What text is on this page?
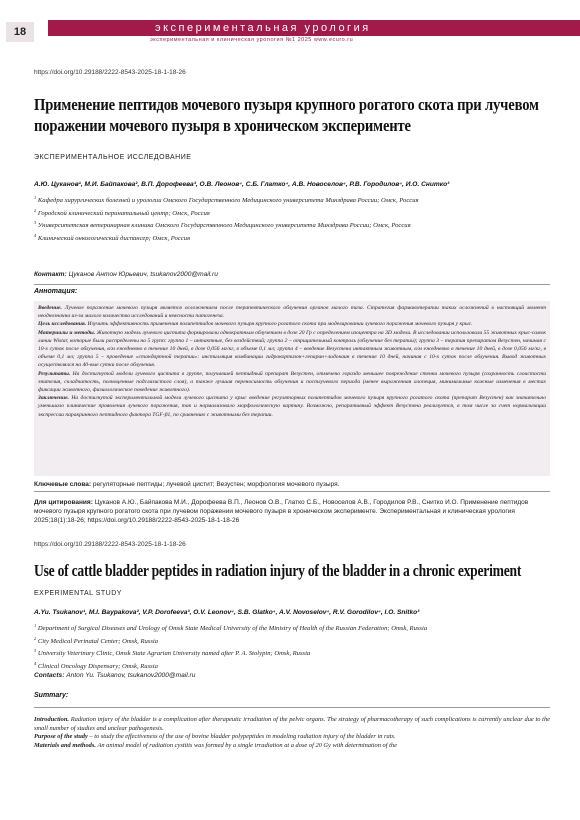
18	экспериментальная урология
экспериментальная и клиническая урология №1 2025 www.ecuro.ru
https://doi.org/10.29188/2222-8543-2025-18-1-18-26
Применение пептидов мочевого пузыря крупного рогатого скота при лучевом поражении мочевого пузыря в хроническом эксперименте
ЭКСПЕРИМЕНТАЛЬНОЕ ИССЛЕДОВАНИЕ
А.Ю. Цуканов¹, М.И. Байпакова², В.П. Дорофеева³, О.В. Леонов⁴, С.Б. Глатко⁴, А.В. Новоселов⁴, Р.В. Городилов⁴, И.О. Снитко³
$^1$ Кафедра хирургических болезней и урологии Омского Государственного Медицинского университета Минздрава России; Омск, Россия
$^2$ Городской клинический перинатальный центр; Омск, Россия
$^3$ Университетская ветеринарная клиника Омского Государственного Медицинского университета Минздрава России; Омск, Россия
$^4$ Клинический онкологический диспансер; Омск, Россия
Контакт: Цуканов Антон Юрьевич, tsukanov2000@mail.ru
Аннотация:
Введение. Лучевое поражение мочевого пузыря является осложнением после терапевтического облучения органов малого таза. Стратегия фармакотерапии таких осложнений в настоящий момент неоднозначна из-за малого количества исследований и неясности патогенеза.
Цель исследования. Изучить эффективность применения полипептидов мочевого пузыря крупного рогатого скота при моделировании лучевого поражения мочевого пузыря у крыс.
Материалы и методы. Животную модель лучевого цистита формировали однократным облучением в дозе 20 Гр с определением изоцентра на 3D модели. В исследовании использовали 55 животных крыс-самок линии Wistar, которые были распределены на 5 групп: группа 1 – интактные, без воздействий; группа 2 – отрицательный контроль (облучение без терапии); группа 3 – терапия препаратом Везустен, начиная с 10-х суток после облучения, в/м ежедневно в течение 10 дней, в дозе 0,056 мг/кг, в объеме 0,1 мл; группа 4 – введение Везустена интактным животным, в/м ежедневно в течение 10 дней, в дозе 0,056 мг/кг, в объеме 0,1 мл; группа 5 – проведение «стандартной терапии»: инстилляция комбинации гидрокортизон+гепарин+лидокаин в течение 10 дней, начиная с 10-х суток после облучения. Вывод животных осуществлялся на 40-вые сутки после облучения.
Результаты. На достигнутой модели лучевого цистита в группе, получавшей пептидный препарат Везустен, отмечено гораздо меньшее повреждение стенки мочевого пузыря (сохранность слоистости эпителия, складчатость, полноценные подслизистого слоя), а также лучшая переносимость облучения и постлучевого периода (менее выраженная алопеция, минимальные кожные изменения в местах фиксации животного, физиологическое поведение животного).
Заключение. На достигнутой экспериментальной модели лучевого цистита у крыс введение регуляторных полипептидов мочевого пузыря крупного рогатого скота (препарат Везустен) как значительно уменьшало клинические проявления лучевого поражения, так и нормализовало морфологическую картину. Возможно, репаративный эффект Везустена реализуется, в том числе за счет нормализации экспрессии паракринного пептидного фактора TGF-β1, по сравнению с животными без терапии.
Ключевые слова: регуляторные пептиды; лучевой цистит; Везустен; морфология мочевого пузыря.
Для цитирования: Цуканов А.Ю., Байпакова М.И., Дорофеева В.П., Леонов О.В., Глатко С.Б., Новоселов А.В., Городилов Р.В., Снитко И.О. Применение пептидов мочевого пузыря крупного рогатого скота при лучевом поражении мочевого пузыря в хроническом эксперименте. Экспериментальная и клиническая урология 2025;18(1):18-26; https://doi.org/10.29188/2222-8543-2025-18-1-18-26
https://doi.org/10.29188/2222-8543-2025-18-1-18-26
Use of cattle bladder peptides in radiation injury of the bladder in a chronic experiment
EXPERIMENTAL STUDY
A.Yu. Tsukanov¹, M.I. Baypakova², V.P. Dorofeeva³, O.V. Leonov⁴, S.B. Glatko⁴, A.V. Novoselov⁴, R.V. Gorodilov⁴, I.O. Snitko³
$^1$ Department of Surgical Diseases and Urology of Omsk State Medical University of the Ministry of Health of the Russian Federation; Omsk, Russia
$^2$ City Medical Perinatal Center; Omsk, Russia
$^3$ University Veterinary Clinic, Omsk State Agrarian University named after P. A. Stolypin; Omsk, Russia
$^4$ Clinical Oncology Dispensary; Omsk, Russia
Contacts: Anton Yu. Tsukanov, tsukanov2000@mail.ru
Summary:
Introduction. Radiation injury of the bladder is a complication after therapeutic irradiation of the pelvic organs. The strategy of pharmacotherapy of such complications is currently unclear due to the small number of studies and unclear pathogenesis.
Purpose of the study – to study the effectiveness of the use of bovine bladder polypeptides in modeling radiation injury of the bladder in rats.
Materials and methods. An animal model of radiation cystitis was formed by a single irradiation at a dose of 20 Gy with determination of the
